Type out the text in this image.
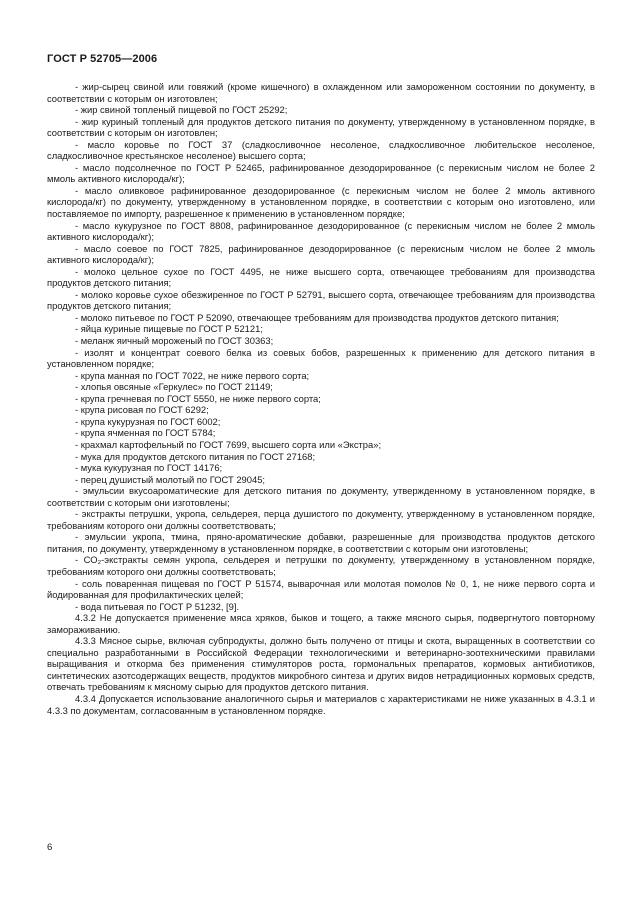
ГОСТ Р 52705—2006

- жир-сырец свиной или говяжий (кроме кишечного) в охлажденном или замороженном состоянии по документу, в соответствии с которым он изготовлен;

- жир свиной топленый пищевой по ГОСТ 25292;

- жир куриный топленый для продуктов детского питания по документу, утвержденному в установленном порядке, в соответствии с которым он изготовлен;

- масло коровье по ГОСТ 37 (сладкосливочное несоленое, сладкосливочное любительское несоленое, сладкосливочное крестьянское несоленое) высшего сорта;

- масло подсолнечное по ГОСТ Р 52465, рафинированное дезодорированное (с перекисным числом не более 2 ммоль активного кислорода/кг);

- масло оливковое рафинированное дезодорированное (с перекисным числом не более 2 ммоль активного кислорода/кг) по документу, утвержденному в установленном порядке, в соответствии с которым оно изготовлено, или поставляемое по импорту, разрешенное к применению в установленном порядке;

- масло кукурузное по ГОСТ 8808, рафинированное дезодорированное (с перекисным числом не более 2 ммоль активного кислорода/кг);

- масло соевое по ГОСТ 7825, рафинированное дезодорированное (с перекисным числом не более 2 ммоль активного кислорода/кг);

- молоко цельное сухое по ГОСТ 4495, не ниже высшего сорта, отвечающее требованиям для производства продуктов детского питания;

- молоко коровье сухое обезжиренное по ГОСТ Р 52791, высшего сорта, отвечающее требованиям для производства продуктов детского питания;

- молоко питьевое по ГОСТ Р 52090, отвечающее требованиям для производства продуктов детского питания;

- яйца куриные пищевые по ГОСТ Р 52121;

- меланж яичный мороженый по ГОСТ 30363;

- изолят и концентрат соевого белка из соевых бобов, разрешенных к применению для детского питания в установленном порядке;

- крупа манная по ГОСТ 7022, не ниже первого сорта;

- хлопья овсяные «Геркулес» по ГОСТ 21149;

- крупа гречневая по ГОСТ 5550, не ниже первого сорта;

- крупа рисовая по ГОСТ 6292;

- крупа кукурузная по ГОСТ 6002;

- крупа ячменная по ГОСТ 5784;

- крахмал картофельный по ГОСТ 7699, высшего сорта или «Экстра»;

- мука для продуктов детского питания по ГОСТ 27168;

- мука кукурузная по ГОСТ 14176;

- перец душистый молотый по ГОСТ 29045;

- эмульсии вкусоароматические для детского питания по документу, утвержденному в установленном порядке, в соответствии с которым они изготовлены;

- экстракты петрушки, укропа, сельдерея, перца душистого по документу, утвержденному в установленном порядке, требованиям которого они должны соответствовать;

- эмульсии укропа, тмина, пряно-ароматические добавки, разрешенные для производства продуктов детского питания, по документу, утвержденному в установленном порядке, в соответствии с которым они изготовлены;

- СО₂-экстракты семян укропа, сельдерея и петрушки по документу, утвержденному в установленном порядке, требованиям которого они должны соответствовать;

- соль поваренная пищевая по ГОСТ Р 51574, выварочная или молотая помолов № 0, 1, не ниже первого сорта и йодированная для профилактических целей;

- вода питьевая по ГОСТ Р 51232, [9].

4.3.2 Не допускается применение мяса хряков, быков и тощего, а также мясного сырья, подвергнутого повторному замораживанию.

4.3.3 Мясное сырье, включая субпродукты, должно быть получено от птицы и скота, выращенных в соответствии со специально разработанными в Российской Федерации технологическими и ветеринарно-зоотехническими правилами выращивания и откорма без применения стимуляторов роста, гормональных препаратов, кормовых антибиотиков, синтетических азотсодержащих веществ, продуктов микробного синтеза и других видов нетрадиционных кормовых средств, отвечать требованиям к мясному сырью для продуктов детского питания.

4.3.4 Допускается использование аналогичного сырья и материалов с характеристиками не ниже указанных в 4.3.1 и 4.3.3 по документам, согласованным в установленном порядке.

6
